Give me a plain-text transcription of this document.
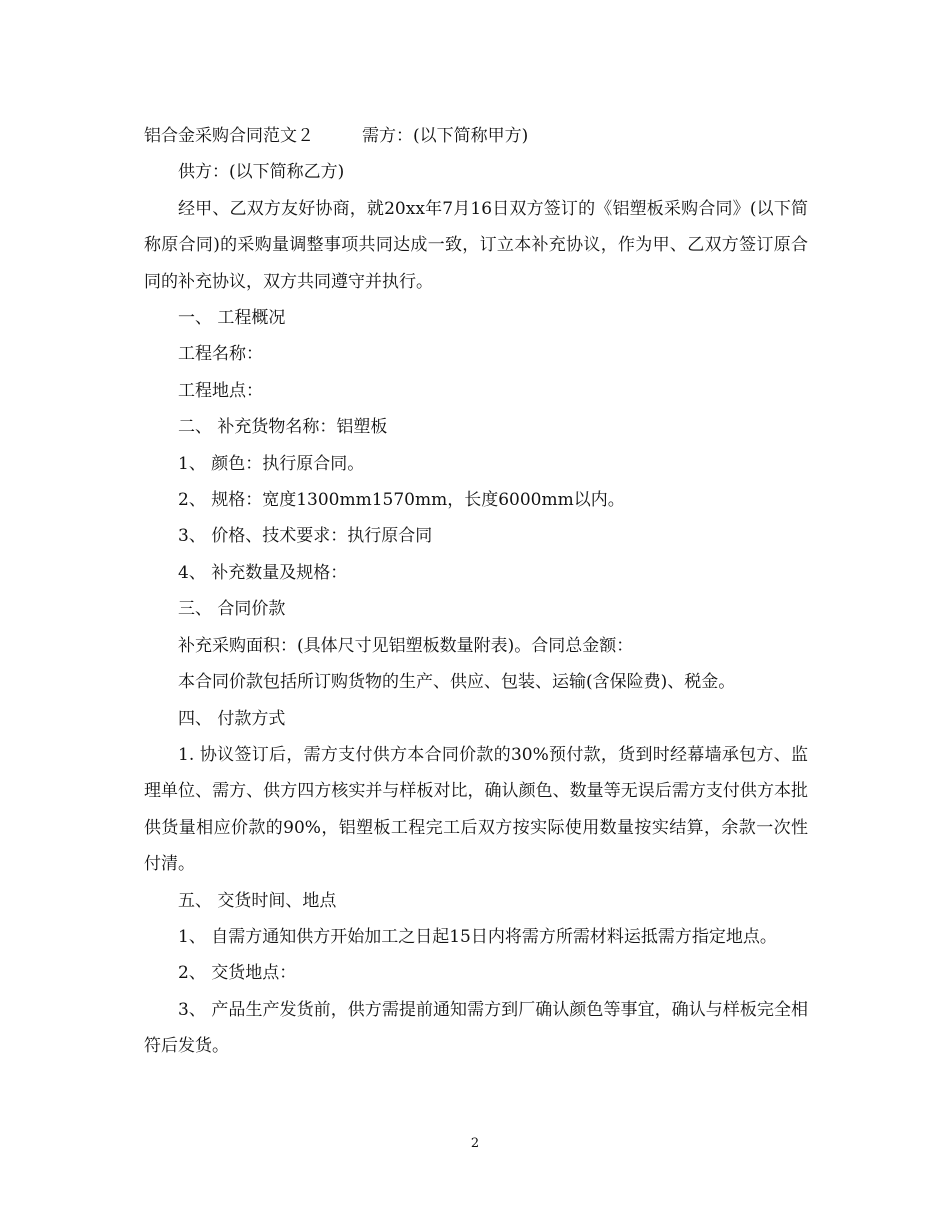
铝合金采购合同范文２	需方：(以下简称甲方)

供方：(以下简称乙方)

经甲、乙双方友好协商，就20xx年7月16日双方签订的《铝塑板采购合同》(以下简称原合同)的采购量调整事项共同达成一致，订立本补充协议，作为甲、乙双方签订原合同的补充协议，双方共同遵守并执行。

一、 工程概况

工程名称：

工程地点：

二、 补充货物名称：铝塑板

1、 颜色：执行原合同。

2、 规格：宽度1300mm1570mm，长度6000mm以内。

3、 价格、技术要求：执行原合同

4、 补充数量及规格：

三、 合同价款

补充采购面积：(具体尺寸见铝塑板数量附表)。合同总金额：

本合同价款包括所订购货物的生产、供应、包装、运输(含保险费)、税金。

四、 付款方式

1. 协议签订后，需方支付供方本合同价款的30%预付款，货到时经幕墙承包方、监理单位、需方、供方四方核实并与样板对比，确认颜色、数量等无误后需方支付供方本批供货量相应价款的90%，铝塑板工程完工后双方按实际使用数量按实结算，余款一次性付清。

五、 交货时间、地点

1、 自需方通知供方开始加工之日起15日内将需方所需材料运抵需方指定地点。

2、 交货地点：

3、 产品生产发货前，供方需提前通知需方到厂确认颜色等事宜，确认与样板完全相符后发货。

2
